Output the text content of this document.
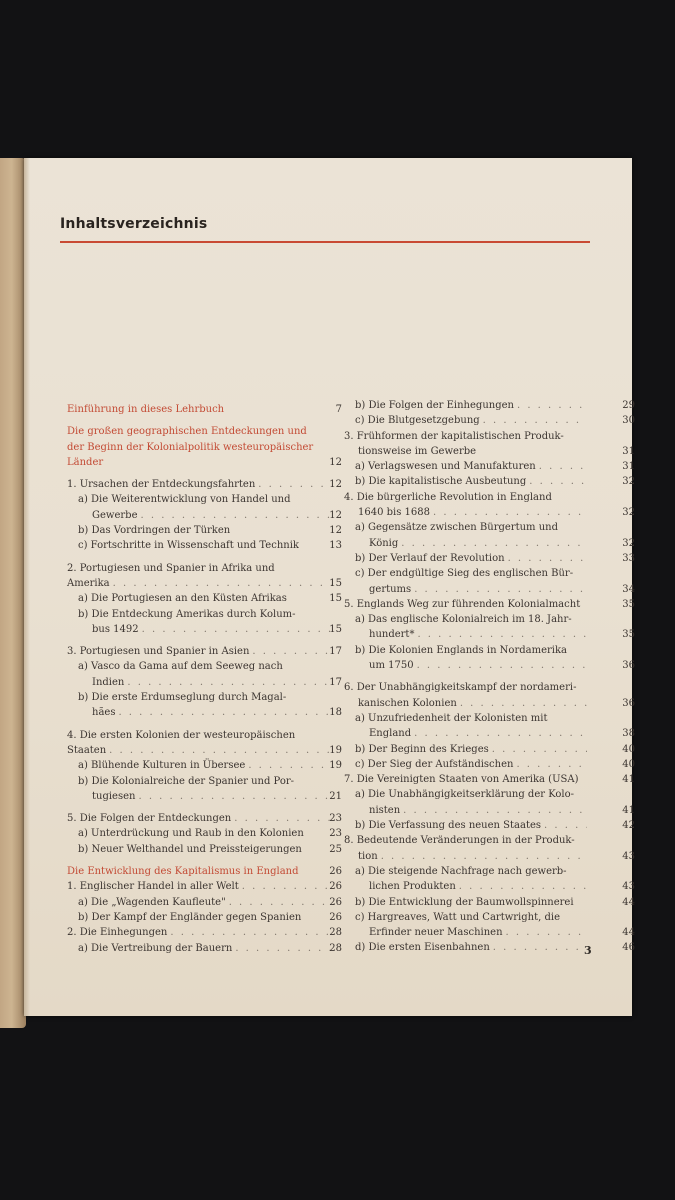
Inhaltsverzeichnis
Einführung in dieses Lehrbuch	7
Die großen geographischen Entdeckungen und
der Beginn der Kolonialpolitik westeuropäischer
Länder	12
1. Ursachen der Entdeckungsfahrten . . .	12
a) Die Weiterentwicklung von Handel und
Gewerbe . . .	12
b) Das Vordringen der Türken	12
c) Fortschritte in Wissenschaft und Technik	13
2. Portugiesen und Spanier in Afrika und
Amerika . . .	15
a) Die Portugiesen an den Küsten Afrikas	15
b) Die Entdeckung Amerikas durch Kolum-
bus 1492 . . .	15
3. Portugiesen und Spanier in Asien . . .	17
a) Vasco da Gama auf dem Seeweg nach
Indien . . .	17
b) Die erste Erdumseglung durch Magal-
hães . . .	18
4. Die ersten Kolonien der westeuropäischen
Staaten . . .	19
a) Blühende Kulturen in Übersee . . .	19
b) Die Kolonialreiche der Spanier und Por-
tugiesen . . .	21
5. Die Folgen der Entdeckungen . . .	23
a) Unterdrückung und Raub in den Kolonien	23
b) Neuer Welthandel und Preissteigerungen	25
Die Entwicklung des Kapitalismus in England	26
1. Englischer Handel in aller Welt . . .	26
a) Die „Wagenden Kaufleute" . . .	26
b) Der Kampf der Engländer gegen Spanien	26
2. Die Einhegungen . . .	28
a) Die Vertreibung der Bauern . . .	28
b) Die Folgen der Einhegungen . . .	29
c) Die Blutgesetzgebung . . .	30
3. Frühformen der kapitalistischen Produk-
tionsweise im Gewerbe	31
a) Verlagswesen und Manufakturen . . .	31
b) Die kapitalistische Ausbeutung . . .	32
4. Die bürgerliche Revolution in England
1640 bis 1688 . . .	32
a) Gegensätze zwischen Bürgertum und
König . . .	32
b) Der Verlauf der Revolution . . .	33
c) Der endgültige Sieg des englischen Bür-
gertums . . .	34
5. Englands Weg zur führenden Kolonialmacht	35
a) Das englische Kolonialreich im 18. Jahr-
hundert* . . .	35
b) Die Kolonien Englands in Nordamerika
um 1750 . . .	36
6. Der Unabhängigkeitskampf der nordameri-
kanischen Kolonien . . .	36
a) Unzufriedenheit der Kolonisten mit
England . . .	38
b) Der Beginn des Krieges . . .	40
c) Der Sieg der Aufständischen . . .	40
7. Die Vereinigten Staaten von Amerika (USA)	41
a) Die Unabhängigkeitserklärung der Kolo-
nisten . . .	41
b) Die Verfassung des neuen Staates . . .	42
8. Bedeutende Veränderungen in der Produk-
tion . . .	43
a) Die steigende Nachfrage nach gewerb-
lichen Produkten . . .	43
b) Die Entwicklung der Baumwollspinnerei	44
c) Hargreaves, Watt und Cartwright, die
Erfinder neuer Maschinen . . .	44
d) Die ersten Eisenbahnen . . .	46
3
